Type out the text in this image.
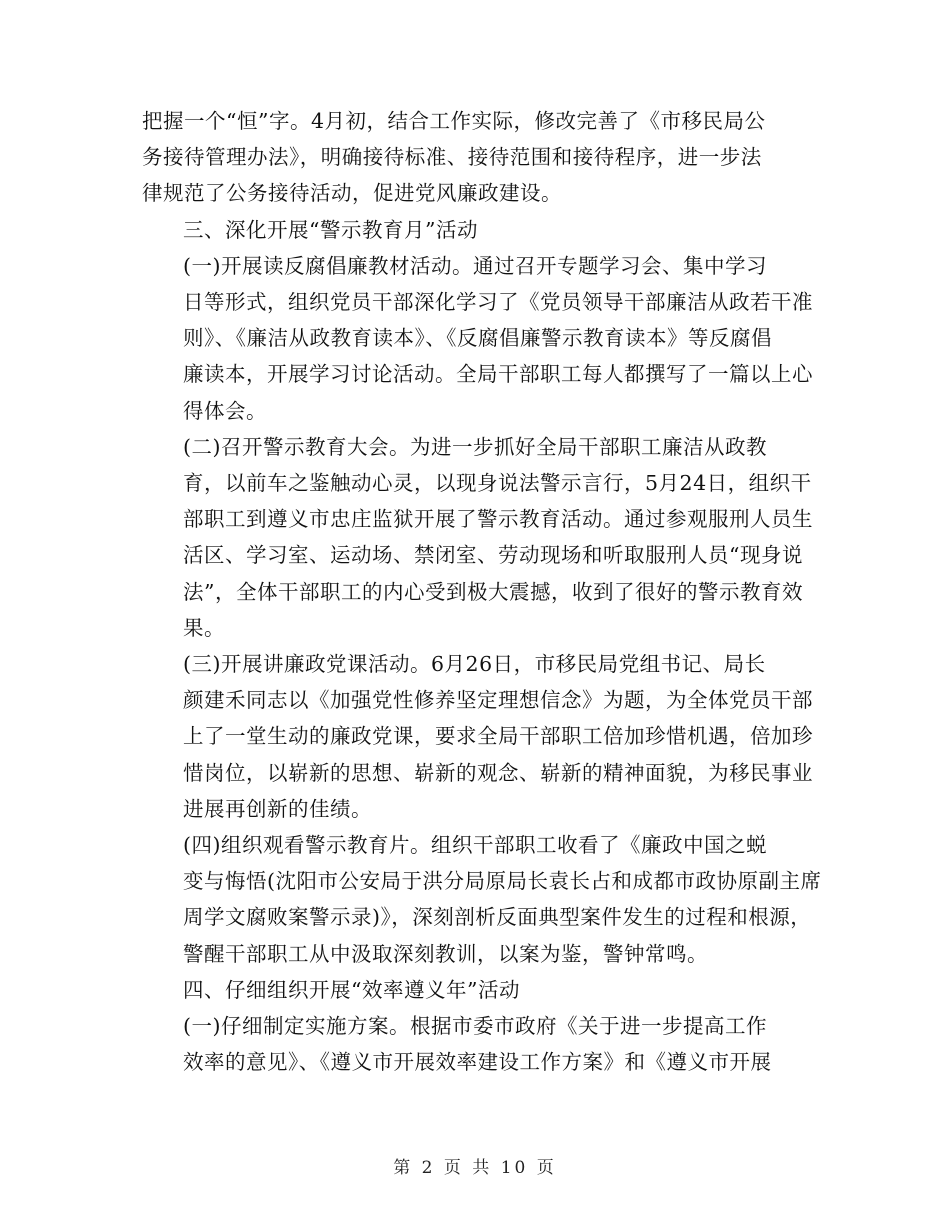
把握一个“恒”字。4月初，结合工作实际，修改完善了《市移民局公
务接待管理办法》，明确接待标准、接待范围和接待程序，进一步法
律规范了公务接待活动，促进党风廉政建设。

三、深化开展“警示教育月”活动

(一)开展读反腐倡廉教材活动。通过召开专题学习会、集中学习
日等形式，组织党员干部深化学习了《党员领导干部廉洁从政若干准
则》、《廉洁从政教育读本》、《反腐倡廉警示教育读本》等反腐倡
廉读本，开展学习讨论活动。全局干部职工每人都撰写了一篇以上心
得体会。

(二)召开警示教育大会。为进一步抓好全局干部职工廉洁从政教
育，以前车之鉴触动心灵，以现身说法警示言行，5月24日，组织干
部职工到遵义市忠庄监狱开展了警示教育活动。通过参观服刑人员生
活区、学习室、运动场、禁闭室、劳动现场和听取服刑人员“现身说
法”，全体干部职工的内心受到极大震撼，收到了很好的警示教育效
果。

(三)开展讲廉政党课活动。6月26日，市移民局党组书记、局长
颜建禾同志以《加强党性修养坚定理想信念》为题，为全体党员干部
上了一堂生动的廉政党课，要求全局干部职工倍加珍惜机遇，倍加珍
惜岗位，以崭新的思想、崭新的观念、崭新的精神面貌，为移民事业
进展再创新的佳绩。

(四)组织观看警示教育片。组织干部职工收看了《廉政中国之蜕
变与悔悟(沈阳市公安局于洪分局原局长袁长占和成都市政协原副主席
周学文腐败案警示录)》，深刻剖析反面典型案件发生的过程和根源，
警醒干部职工从中汲取深刻教训，以案为鉴，警钟常鸣。

四、仔细组织开展“效率遵义年”活动

(一)仔细制定实施方案。根据市委市政府《关于进一步提高工作
效率的意见》、《遵义市开展效率建设工作方案》和《遵义市开展

第 2 页 共 10 页
